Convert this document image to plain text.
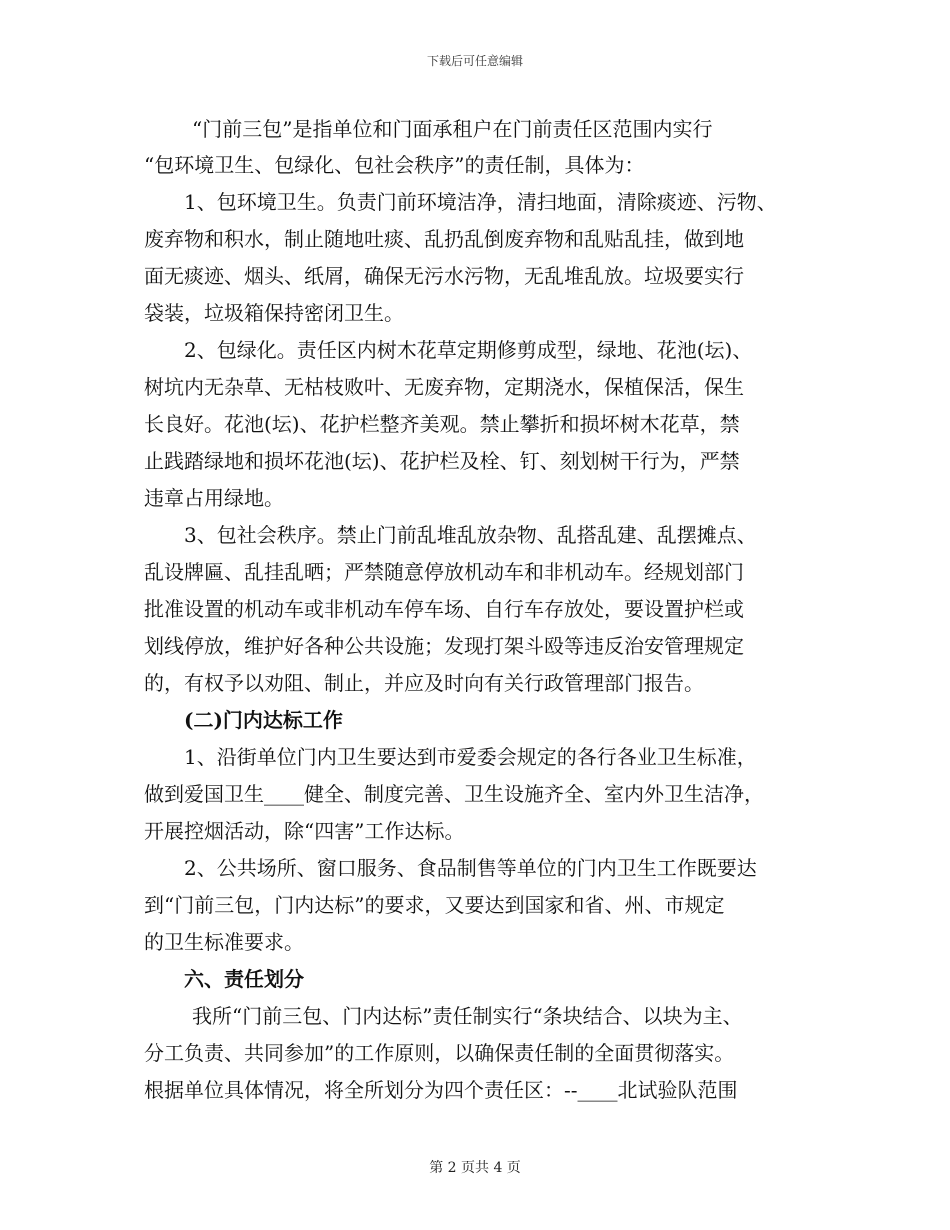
下载后可任意编辑
“门前三包”是指单位和门面承租户在门前责任区范围内实行
“包环境卫生、包绿化、包社会秩序”的责任制，具体为：
1、包环境卫生。负责门前环境洁净，清扫地面，清除痰迹、污物、
废弃物和积水，制止随地吐痰、乱扔乱倒废弃物和乱贴乱挂，做到地
面无痰迹、烟头、纸屑，确保无污水污物，无乱堆乱放。垃圾要实行
袋装，垃圾箱保持密闭卫生。
2、包绿化。责任区内树木花草定期修剪成型，绿地、花池(坛)、
树坑内无杂草、无枯枝败叶、无废弃物，定期浇水，保植保活，保生
长良好。花池(坛)、花护栏整齐美观。禁止攀折和损坏树木花草，禁
止践踏绿地和损坏花池(坛)、花护栏及栓、钉、刻划树干行为，严禁
违章占用绿地。
3、包社会秩序。禁止门前乱堆乱放杂物、乱搭乱建、乱摆摊点、
乱设牌匾、乱挂乱晒；严禁随意停放机动车和非机动车。经规划部门
批准设置的机动车或非机动车停车场、自行车存放处，要设置护栏或
划线停放，维护好各种公共设施；发现打架斗殴等违反治安管理规定
的，有权予以劝阻、制止，并应及时向有关行政管理部门报告。
(二)门内达标工作
1、沿街单位门内卫生要达到市爱委会规定的各行各业卫生标准，
做到爱国卫生____健全、制度完善、卫生设施齐全、室内外卫生洁净，
开展控烟活动，除“四害”工作达标。
2、公共场所、窗口服务、食品制售等单位的门内卫生工作既要达
到“门前三包，门内达标”的要求，又要达到国家和省、州、市规定
的卫生标准要求。
六、责任划分
我所“门前三包、门内达标”责任制实行“条块结合、以块为主、
分工负责、共同参加”的工作原则，以确保责任制的全面贯彻落实。
根据单位具体情况，将全所划分为四个责任区：--____北试验队范围
第 2 页共 4 页
